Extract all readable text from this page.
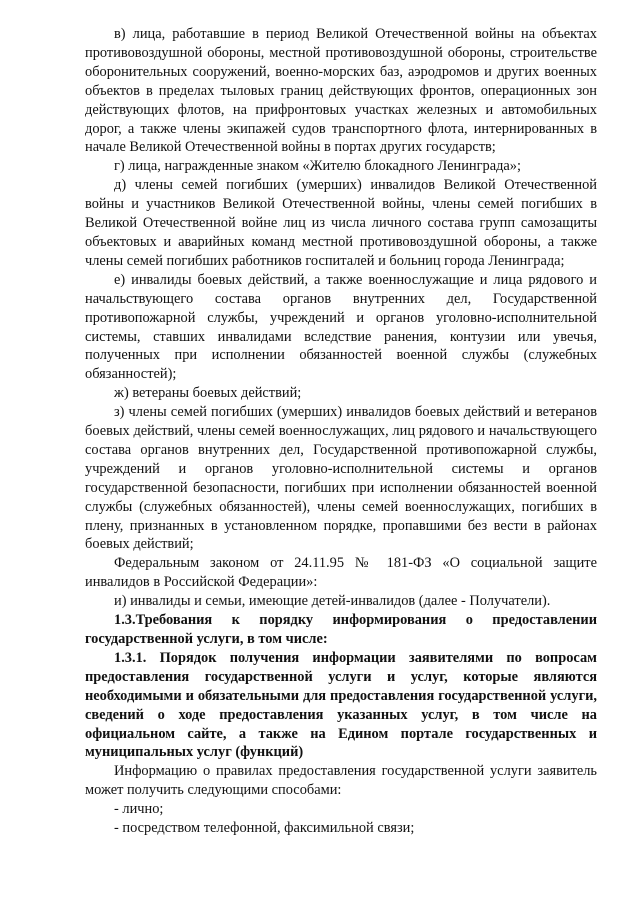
в) лица, работавшие в период Великой Отечественной войны на объектах противовоздушной обороны, местной противовоздушной обороны, строительстве оборонительных сооружений, военно-морских баз, аэродромов и других военных объектов в пределах тыловых границ действующих фронтов, операционных зон действующих флотов, на прифронтовых участках железных и автомобильных дорог, а также члены экипажей судов транспортного флота, интернированных в начале Великой Отечественной войны в портах других государств;

г) лица, награжденные знаком «Жителю блокадного Ленинграда»;

д) члены семей погибших (умерших) инвалидов Великой Отечественной войны и участников Великой Отечественной войны, члены семей погибших в Великой Отечественной войне лиц из числа личного состава групп самозащиты объектовых и аварийных команд местной противовоздушной обороны, а также члены семей погибших работников госпиталей и больниц города Ленинграда;

е) инвалиды боевых действий, а также военнослужащие и лица рядового и начальствующего состава органов внутренних дел, Государственной противопожарной службы, учреждений и органов уголовно-исполнительной системы, ставших инвалидами вследствие ранения, контузии или увечья, полученных при исполнении обязанностей военной службы (служебных обязанностей);

ж) ветераны боевых действий;

з) члены семей погибших (умерших) инвалидов боевых действий и ветеранов боевых действий, члены семей военнослужащих, лиц рядового и начальствующего состава органов внутренних дел, Государственной противопожарной службы, учреждений и органов уголовно-исполнительной системы и органов государственной безопасности, погибших при исполнении обязанностей военной службы (служебных обязанностей), члены семей военнослужащих, погибших в плену, признанных в установленном порядке, пропавшими без вести в районах боевых действий;

Федеральным законом от 24.11.95 № 181-ФЗ «О социальной защите инвалидов в Российской Федерации»:

и) инвалиды и семьи, имеющие детей-инвалидов (далее - Получатели).

1.3.Требования к порядку информирования о предоставлении государственной услуги, в том числе:

1.3.1. Порядок получения информации заявителями по вопросам предоставления государственной услуги и услуг, которые являются необходимыми и обязательными для предоставления государственной услуги, сведений о ходе предоставления указанных услуг, в том числе на официальном сайте, а также на Едином портале государственных и муниципальных услуг (функций)

Информацию о правилах предоставления государственной услуги заявитель может получить следующими способами:

- лично;

- посредством телефонной, факсимильной связи;
